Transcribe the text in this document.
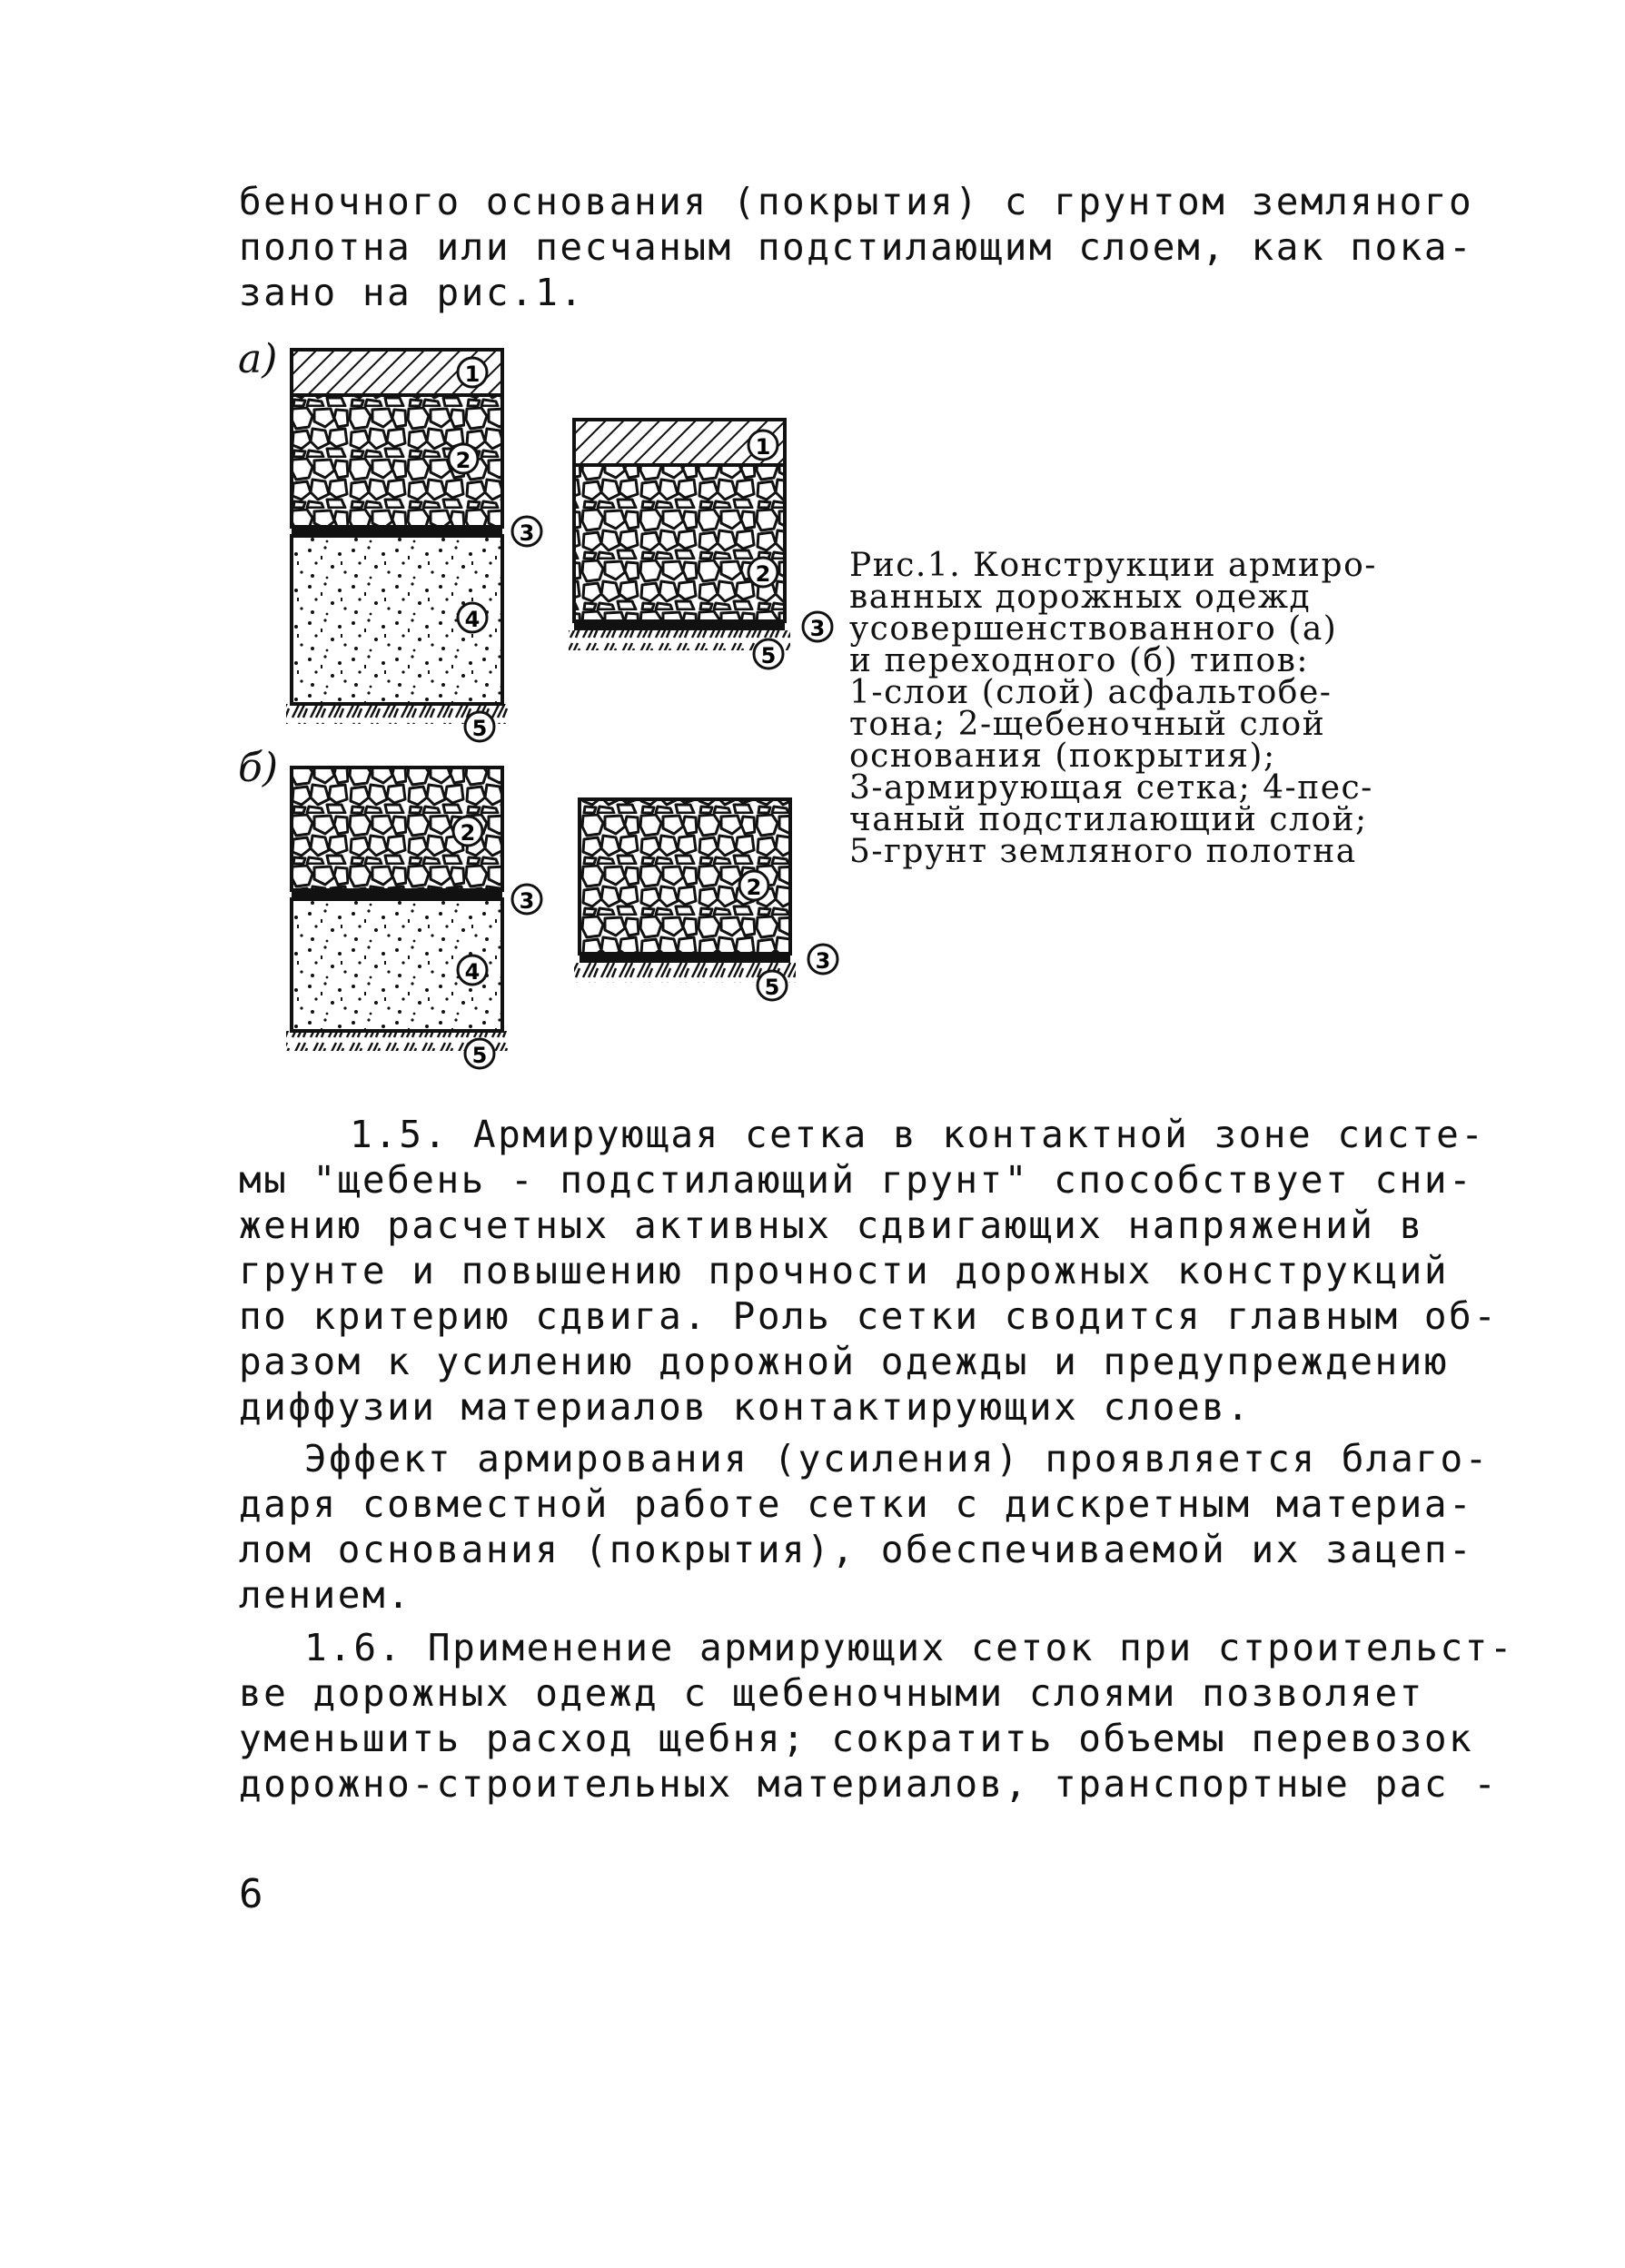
беночного основания (покрытия) с грунтом земляного
полотна или песчаным подстилающим слоем, как пока-
зано на рис.1.
а)
б)
1
2
3
4
5
1
2
3
5
2
3
4
5
2
3
5
Рис.1. Конструкции армиро-
ванных дорожных одежд
усовершенствованного (а)
и переходного (б) типов:
1-слои (слой) асфальтобе-
тона; 2-щебеночный слой
основания (покрытия);
3-армирующая сетка; 4-пес-
чаный подстилающий слой;
5-грунт земляного полотна
1.5. Армирующая сетка в контактной зоне систе-
мы "щебень - подстилающий грунт" способствует сни-
жению расчетных активных сдвигающих напряжений в
грунте и повышению прочности дорожных конструкций
по критерию сдвига. Роль сетки сводится главным об-
разом к усилению дорожной одежды и предупреждению
диффузии материалов контактирующих слоев.
Эффект армирования (усиления) проявляется благо-
даря совместной работе сетки с дискретным материа-
лом основания (покрытия), обеспечиваемой их зацеп-
лением.
1.6. Применение армирующих сеток при строительст-
ве дорожных одежд с щебеночными слоями позволяет
уменьшить расход щебня; сократить объемы перевозок
дорожно-строительных материалов, транспортные рас -
6
